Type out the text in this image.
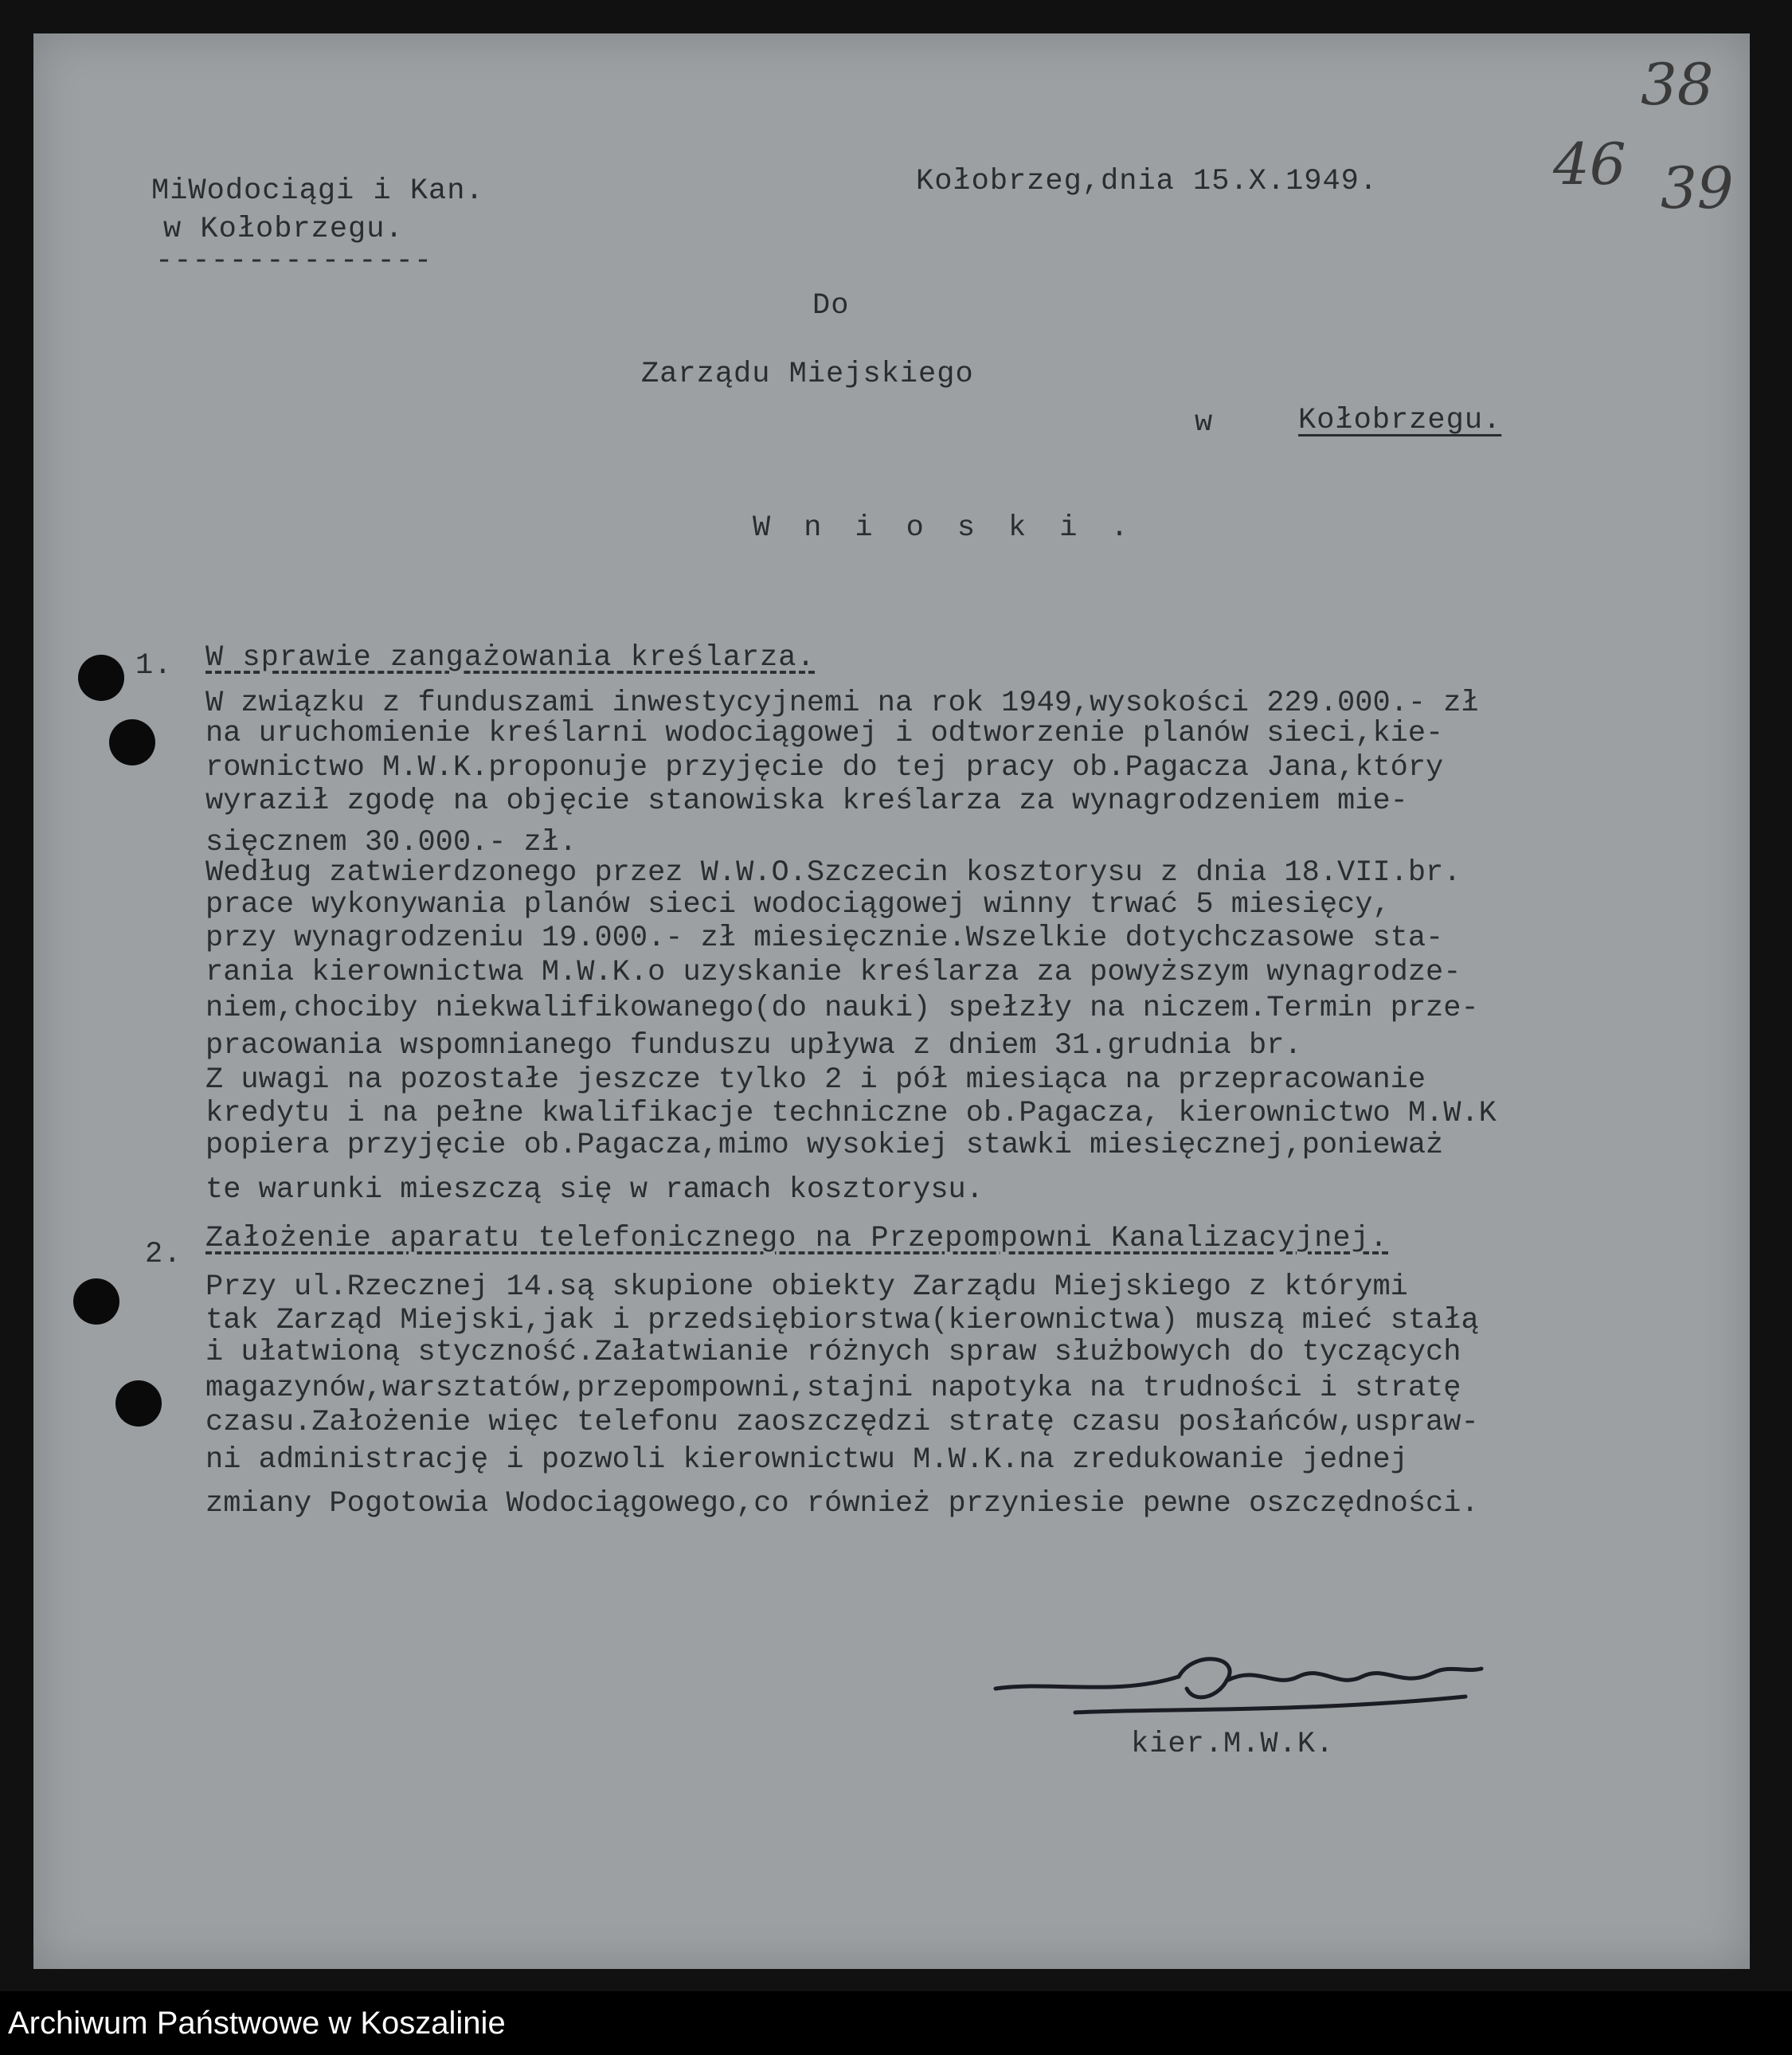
MiWodociągi i Kan.
w Kołobrzegu.
---------------
Kołobrzeg,dnia 15.X.1949.
38
46 39
Do
Zarządu Miejskiego
w	Kołobrzegu.
Wnioski.
1. W sprawie zangażowania kreślarza.
W związku z funduszami inwestycyjnemi na rok 1949,wysokości 229.000.- zł
na uruchomienie kreślarni wodociągowej i odtworzenie planów sieci,kie-
rownictwo M.W.K.proponuje przyjęcie do tej pracy ob.Pagacza Jana,który
wyraził zgodę na objęcie stanowiska kreślarza za wynagrodzeniem mie-
sięcznem 30.000.- zł.
Według zatwierdzonego przez W.W.O.Szczecin kosztorysu z dnia 18.VII.br.
prace wykonywania planów sieci wodociągowej winny trwać 5 miesięcy,
przy wynagrodzeniu 19.000.- zł miesięcznie.Wszelkie dotychczasowe sta-
rania kierownictwa M.W.K.o uzyskanie kreślarza za powyższym wynagrodze-
niem,chociby niekwalifikowanego(do nauki) spełzły na niczem.Termin prze-
pracowania wspomnianego funduszu upływa z dniem 31.grudnia br.
Z uwagi na pozostałe jeszcze tylko 2 i pół miesiąca na przepracowanie
kredytu i na pełne kwalifikacje techniczne ob.Pagacza, kierownictwo M.W.K
popiera przyjęcie ob.Pagacza,mimo wysokiej stawki miesięcznej,ponieważ
te warunki mieszczą się w ramach kosztorysu.
2. Założenie aparatu telefonicznego na Przepompowni Kanalizacyjnej.
Przy ul.Rzecznej 14.są skupione obiekty Zarządu Miejskiego z którymi
tak Zarząd Miejski,jak i przedsiębiorstwa(kierownictwa) muszą mieć stałą
i ułatwioną styczność.Załatwianie różnych spraw służbowych do tyczących
magazynów,warsztatów,przepompowni,stajni napotyka na trudności i stratę
czasu.Założenie więc telefonu zaoszczędzi stratę czasu posłańców,uspraw-
ni administrację i pozwoli kierownictwu M.W.K.na zredukowanie jednej
zmiany Pogotowia Wodociągowego,co również przyniesie pewne oszczędności.
kier.M.W.K.
Archiwum Państwowe w Koszalinie
